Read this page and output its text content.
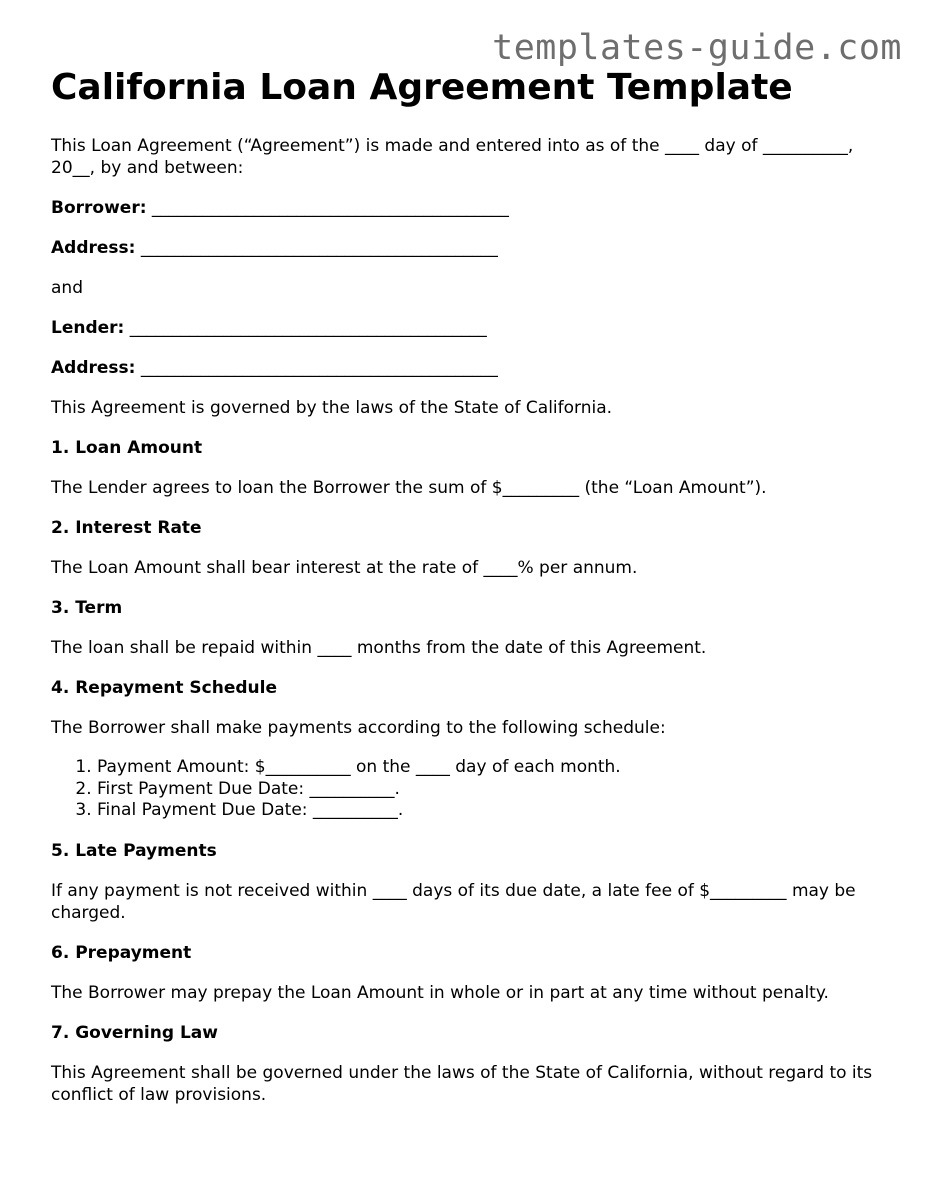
templates-guide.com
California Loan Agreement Template

This Loan Agreement (“Agreement”) is made and entered into as of the ____ day of __________, 20__, by and between:

Borrower: __________________________________________

Address: __________________________________________

and

Lender: __________________________________________

Address: __________________________________________

This Agreement is governed by the laws of the State of California.

1. Loan Amount

The Lender agrees to loan the Borrower the sum of $_________ (the “Loan Amount”).

2. Interest Rate

The Loan Amount shall bear interest at the rate of ____% per annum.

3. Term

The loan shall be repaid within ____ months from the date of this Agreement.

4. Repayment Schedule

The Borrower shall make payments according to the following schedule:

1. Payment Amount: $__________ on the ____ day of each month.
2. First Payment Due Date: __________.
3. Final Payment Due Date: __________.
5. Late Payments

If any payment is not received within ____ days of its due date, a late fee of $_________ may be charged.

6. Prepayment

The Borrower may prepay the Loan Amount in whole or in part at any time without penalty.

7. Governing Law

This Agreement shall be governed under the laws of the State of California, without regard to its conflict of law provisions.
